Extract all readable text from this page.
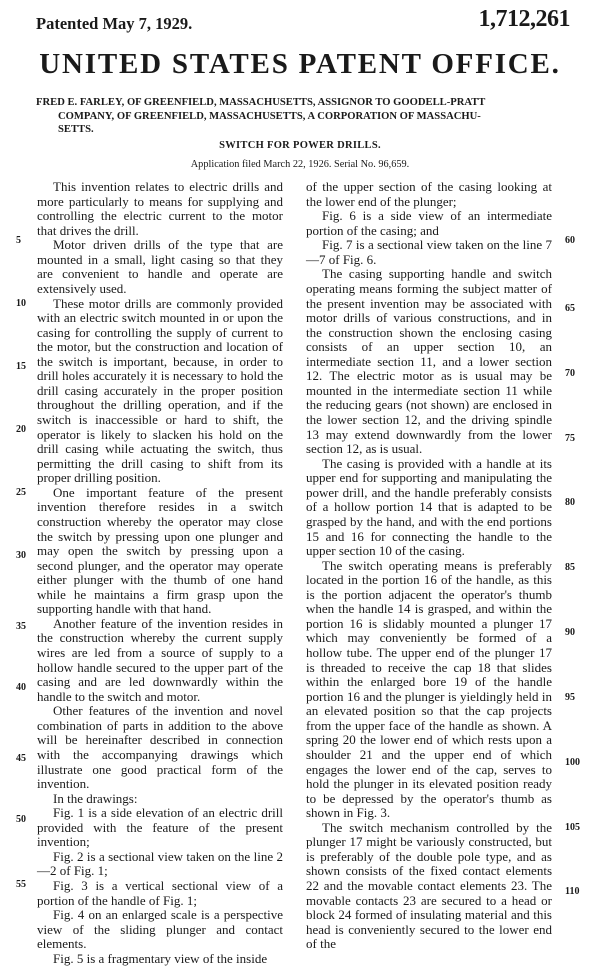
Patented May 7, 1929.	1,712,261
UNITED STATES PATENT OFFICE.
FRED E. FARLEY, OF GREENFIELD, MASSACHUSETTS, ASSIGNOR TO GOODELL-PRATT

COMPANY, OF GREENFIELD, MASSACHUSETTS, A CORPORATION OF MASSACHU-
SETTS.
SWITCH FOR POWER DRILLS.
Application filed March 22, 1926. Serial No. 96,659.

This invention relates to electric drills and more particularly to means for supplying and controlling the electric current to the motor that drives the drill.

Motor driven drills of the type that are mounted in a small, light casing so that they are convenient to handle and operate are extensively used.

These motor drills are commonly provided with an electric switch mounted in or upon the casing for controlling the supply of current to the motor, but the construction and location of the switch is important, because, in order to drill holes accurately it is necessary to hold the drill casing accurately in the proper position throughout the drilling operation, and if the switch is inaccessible or hard to shift, the operator is likely to slacken his hold on the drill casing while actuating the switch, thus permitting the drill casing to shift from its proper drilling position.

One important feature of the present invention therefore resides in a switch construction whereby the operator may close the switch by pressing upon one plunger and may open the switch by pressing upon a second plunger, and the operator may operate either plunger with the thumb of one hand while he maintains a firm grasp upon the supporting handle with that hand.

Another feature of the invention resides in the construction whereby the current supply wires are led from a source of supply to a hollow handle secured to the upper part of the casing and are led downwardly within the handle to the switch and motor.

Other features of the invention and novel combination of parts in addition to the above will be hereinafter described in connection with the accompanying drawings which illustrate one good practical form of the invention.

In the drawings:

Fig. 1 is a side elevation of an electric drill provided with the feature of the present invention;

Fig. 2 is a sectional view taken on the line 2—2 of Fig. 1;

Fig. 3 is a vertical sectional view of a portion of the handle of Fig. 1;

Fig. 4 on an enlarged scale is a perspective view of the sliding plunger and contact elements.

Fig. 5 is a fragmentary view of the inside

of the upper section of the casing looking at the lower end of the plunger;

Fig. 6 is a side view of an intermediate portion of the casing; and

Fig. 7 is a sectional view taken on the line 7—7 of Fig. 6.

The casing supporting handle and switch operating means forming the subject matter of the present invention may be associated with motor drills of various constructions, and in the construction shown the enclosing casing consists of an upper section 10, an intermediate section 11, and a lower section 12. The electric motor as is usual may be mounted in the intermediate section 11 while the reducing gears (not shown) are enclosed in the lower section 12, and the driving spindle 13 may extend downwardly from the lower section 12, as is usual.

The casing is provided with a handle at its upper end for supporting and manipulating the power drill, and the handle preferably consists of a hollow portion 14 that is adapted to be grasped by the hand, and with the end portions 15 and 16 for connecting the handle to the upper section 10 of the casing.

The switch operating means is preferably located in the portion 16 of the handle, as this is the portion adjacent the operator's thumb when the handle 14 is grasped, and within the portion 16 is slidably mounted a plunger 17 which may conveniently be formed of a hollow tube. The upper end of the plunger 17 is threaded to receive the cap 18 that slides within the enlarged bore 19 of the handle portion 16 and the plunger is yieldingly held in an elevated position so that the cap projects from the upper face of the handle as shown. A spring 20 the lower end of which rests upon a shoulder 21 and the upper end of which engages the lower end of the cap, serves to hold the plunger in its elevated position ready to be depressed by the operator's thumb as shown in Fig. 3.

The switch mechanism controlled by the plunger 17 might be variously constructed, but is preferably of the double pole type, and as shown consists of the fixed contact elements 22 and the movable contact elements 23. The movable contacts 23 are secured to a head or block 24 formed of insulating material and this head is conveniently secured to the lower end of the

5
10
15
20
25
30
35
40
45
50
55
60
65
70
75
80
85
90
95
100
105
110
